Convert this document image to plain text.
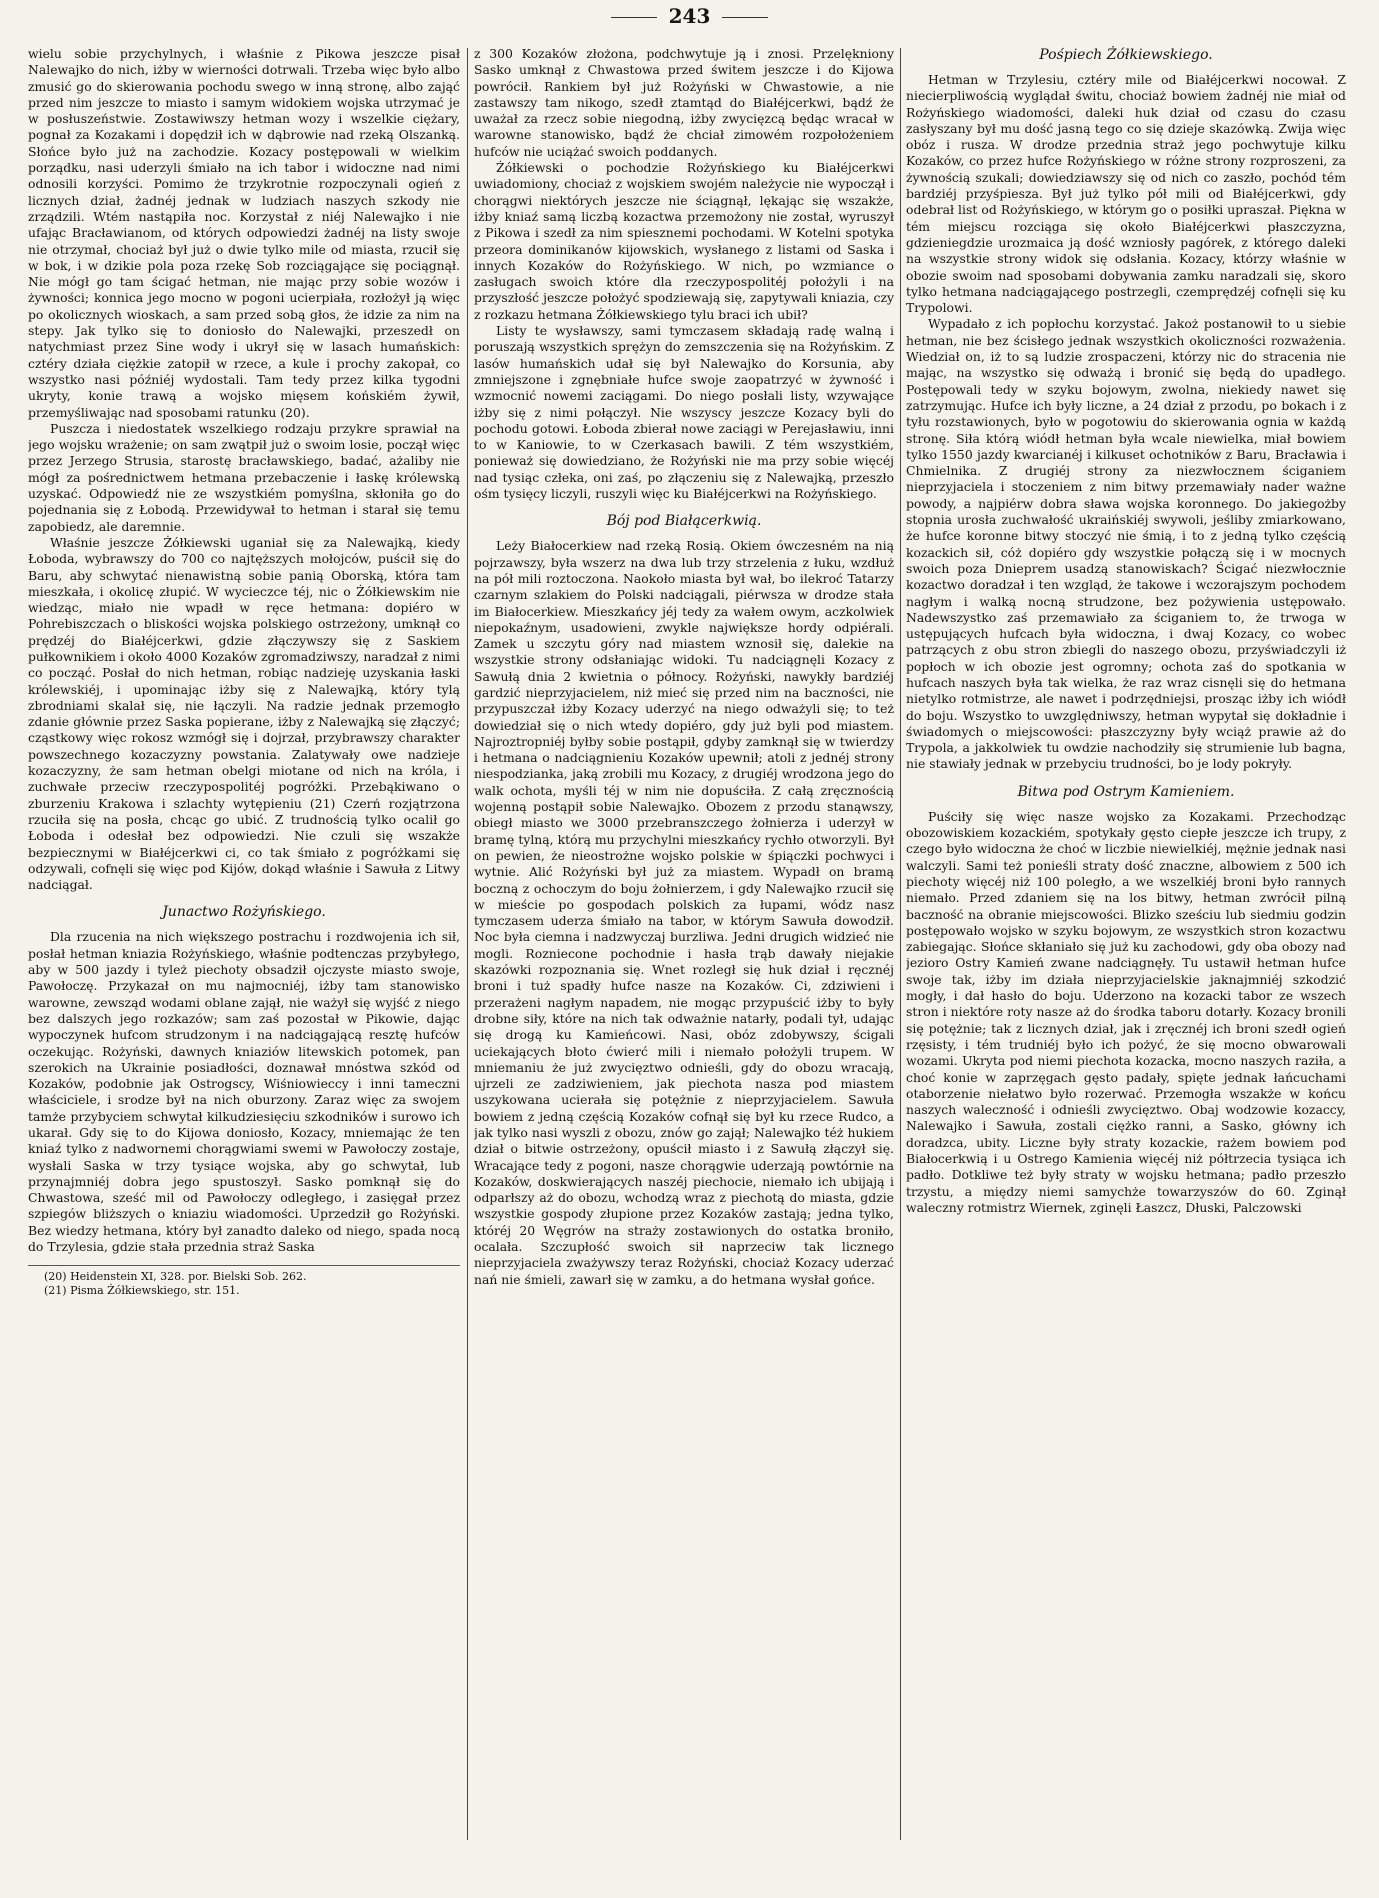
243

wielu sobie przychylnych, i właśnie z Pikowa jeszcze pisał Nalewajko do nich, iżby w wierności dotrwali. Trzeba więc było albo zmusić go do skierowania pochodu swego w inną stronę, albo zająć przed nim jeszcze to miasto i samym widokiem wojska utrzymać je w posłuszeństwie. Zostawiwszy hetman wozy i wszelkie ciężary, pognał za Kozakami i dopędził ich w dąbrowie nad rzeką Olszanką. Słońce było już na zachodzie. Kozacy postępowali w wielkim porządku, nasi uderzyli śmiało na ich tabor i widoczne nad nimi odnosili korzyści. Pomimo że trzykrotnie rozpoczynali ogień z licznych dział, żadnéj jednak w ludziach naszych szkody nie zrządzili. Wtém nastąpiła noc. Korzystał z niéj Nalewajko i nie ufając Bracławianom, od których odpowiedzi żadnéj na listy swoje nie otrzymał, chociaż był już o dwie tylko mile od miasta, rzucił się w bok, i w dzikie pola poza rzekę Sob rozciągające się pociągnął. Nie mógł go tam ścigać hetman, nie mając przy sobie wozów i żywności; konnica jego mocno w pogoni ucierpiała, rozłożył ją więc po okolicznych wioskach, a sam przed sobą głos, że idzie za nim na stepy. Jak tylko się to doniosło do Nalewajki, przeszedł on natychmiast przez Sine wody i ukrył się w lasach humańskich: cztéry działa ciężkie zatopił w rzece, a kule i prochy zakopał, co wszystko nasi późniéj wydostali. Tam tedy przez kilka tygodni ukryty, konie trawą a wojsko mięsem końskiém żywił, przemyśliwając nad sposobami ratunku (20).

Puszcza i niedostatek wszelkiego rodzaju przykre sprawiał na jego wojsku wrażenie; on sam zwątpił już o swoim losie, począł więc przez Jerzego Strusia, starostę bracławskiego, badać, ażaliby nie mógł za pośrednictwem hetmana przebaczenie i łaskę królewską uzyskać. Odpowiedź nie ze wszystkiém pomyślna, skłoniła go do pojednania się z Łobodą. Przewidywał to hetman i starał się temu zapobiedz, ale daremnie.

Właśnie jeszcze Żółkiewski uganiał się za Nalewajką, kiedy Łoboda, wybrawszy do 700 co najtęższych mołojców, puścił się do Baru, aby schwytać nienawistną sobie panią Oborską, która tam mieszkała, i okolicę złupić. W wycieczce téj, nic o Żółkiewskim nie wiedząc, miało nie wpadł w ręce hetmana: dopiéro w Pohrebiszczach o bliskości wojska polskiego ostrzeżony, umknął co prędzéj do Białéjcerkwi, gdzie złączywszy się z Saskiem pułkownikiem i około 4000 Kozaków zgromadziwszy, naradzał z nimi co począć. Posłał do nich hetman, robiąc nadzieję uzyskania łaski królewskiéj, i upominając iżby się z Nalewajką, który tylą zbrodniami skalał się, nie łączyli. Na radzie jednak przemogło zdanie głównie przez Saska popierane, iżby z Nalewajką się złączyć; cząstkowy więc rokosz wzmógł się i dojrzał, przybrawszy charakter powszechnego kozaczyzny powstania. Zalatywały owe nadzieje kozaczyzny, że sam hetman obelgi miotane od nich na króla, i zuchwałe przeciw rzeczypospolitéj pogróżki. Przebąkiwano o zburzeniu Krakowa i szlachty wytępieniu (21) Czerń rozjątrzona rzuciła się na posła, chcąc go ubić. Z trudnością tylko ocalił go Łoboda i odesłał bez odpowiedzi. Nie czuli się wszakże bezpiecznymi w Białéjcerkwi ci, co tak śmiało z pogróżkami się odzywali, cofnęli się więc pod Kijów, dokąd właśnie i Sawuła z Litwy nadciągał.

Junactwo Rożyńskiego.

Dla rzucenia na nich większego postrachu i rozdwojenia ich sił, posłał hetman kniazia Rożyńskiego, właśnie podtenczas przybyłego, aby w 500 jazdy i tyleż piechoty obsadził ojczyste miasto swoje, Pawołoczę. Przykazał on mu najmocniéj, iżby tam stanowisko warowne, zewsząd wodami oblane zajął, nie ważył się wyjść z niego bez dalszych jego rozkazów; sam zaś pozostał w Pikowie, dając wypoczynek hufcom strudzonym i na nadciągającą resztę hufców oczekując. Rożyński, dawnych kniaziów litewskich potomek, pan szerokich na Ukrainie posiadłości, doznawał mnóstwa szkód od Kozaków, podobnie jak Ostrogscy, Wiśniowieccy i inni tameczni właściciele, i srodze był na nich oburzony. Zaraz więc za swojem tamże przybyciem schwytał kilkudziesięciu szkodników i surowo ich ukarał. Gdy się to do Kijowa doniosło, Kozacy, mniemając że ten kniaź tylko z nadwornemi chorągwiami swemi w Pawołoczy zostaje, wysłali Saska w trzy tysiące wojska, aby go schwytał, lub przynajmniéj dobra jego spustoszył. Sasko pomknął się do Chwastowa, sześć mil od Pawołoczy odległego, i zasięgał przez szpiegów bliższych o kniaziu wiadomości. Uprzedził go Rożyński. Bez wiedzy hetmana, który był zanadto daleko od niego, spada nocą do Trzylesia, gdzie stała przednia straż Saska

(20) Heidenstein XI, 328. por. Bielski Sob. 262.
(21) Pisma Żółkiewskiego, str. 151.

z 300 Kozaków złożona, podchwytuje ją i znosi. Przelękniony Sasko umknął z Chwastowa przed świtem jeszcze i do Kijowa powrócił. Rankiem był już Rożyński w Chwastowie, a nie zastawszy tam nikogo, szedł ztamtąd do Białéjcerkwi, bądź że uważał za rzecz sobie niegodną, iżby zwycięzcą będąc wracał w warowne stanowisko, bądź że chciał zimowém rozpołożeniem hufców nie uciążać swoich poddanych.

Żółkiewski o pochodzie Rożyńskiego ku Białéjcerkwi uwiadomiony, chociaż z wojskiem swojém należycie nie wypoczął i chorągwi niektórych jeszcze nie ściągnął, lękając się wszakże, iżby kniaź samą liczbą kozactwa przemożony nie został, wyruszył z Pikowa i szedł za nim spiesznemi pochodami. W Kotelni spotyka przeora dominikanów kijowskich, wysłanego z listami od Saska i innych Kozaków do Rożyńskiego. W nich, po wzmiance o zasługach swoich które dla rzeczypospolitéj położyli i na przyszłość jeszcze położyć spodziewają się, zapytywali kniazia, czy z rozkazu hetmana Żółkiewskiego tylu braci ich ubił?

Listy te wysławszy, sami tymczasem składają radę walną i poruszają wszystkich sprężyn do zemszczenia się na Rożyńskim. Z lasów humańskich udał się był Nalewajko do Korsunia, aby zmniejszone i zgnębniałe hufce swoje zaopatrzyć w żywność i wzmocnić nowemi zaciągami. Do niego posłali listy, wzywające iżby się z nimi połączył. Nie wszyscy jeszcze Kozacy byli do pochodu gotowi. Łoboda zbierał nowe zaciągi w Perejasławiu, inni to w Kaniowie, to w Czerkasach bawili. Z tém wszystkiém, ponieważ się dowiedziano, że Rożyński nie ma przy sobie więcéj nad tysiąc człeka, oni zaś, po złączeniu się z Nalewajką, przeszło ośm tysięcy liczyli, ruszyli więc ku Białéjcerkwi na Rożyńskiego.

Bój pod Białącerkwią.

Leży Białocerkiew nad rzeką Rosią. Okiem ówczesném na nią pojrzawszy, była wszerz na dwa lub trzy strzelenia z łuku, wzdłuż na pół mili roztoczona. Naokoło miasta był wał, bo ilekroć Tatarzy czarnym szlakiem do Polski nadciągali, piérwsza w drodze stała im Białocerkiew. Mieszkańcy jéj tedy za wałem owym, aczkolwiek niepokaźnym, usadowieni, zwykle największe hordy odpiérali. Zamek u szczytu góry nad miastem wznosił się, dalekie na wszystkie strony odsłaniając widoki. Tu nadciągnęli Kozacy z Sawułą dnia 2 kwietnia o północy. Rożyński, nawykły bardziéj gardzić nieprzyjacielem, niż mieć się przed nim na baczności, nie przypuszczał iżby Kozacy uderzyć na niego odważyli się; to też dowiedział się o nich wtedy dopiéro, gdy już byli pod miastem. Najroztropniéj byłby sobie postąpił, gdyby zamknął się w twierdzy i hetmana o nadciągnieniu Kozaków upewnił; atoli z jednéj strony niespodzianka, jaką zrobili mu Kozacy, z drugiéj wrodzona jego do walk ochota, myśli téj w nim nie dopuściła. Z całą zręcznością wojenną postąpił sobie Nalewajko. Obozem z przodu stanąwszy, obiegł miasto we 3000 przebranszczego żołnierza i uderzył w bramę tylną, którą mu przychylni mieszkańcy rychło otworzyli. Był on pewien, że nieostrożne wojsko polskie w śpiączki pochwyci i wytnie. Alić Rożyński był już za miastem. Wypadł on bramą boczną z ochoczym do boju żołnierzem, i gdy Nalewajko rzucił się w mieście po gospodach polskich za łupami, wódz nasz tymczasem uderza śmiało na tabor, w którym Sawuła dowodził. Noc była ciemna i nadzwyczaj burzliwa. Jedni drugich widzieć nie mogli. Rozniecone pochodnie i hasła trąb dawały niejakie skazówki rozpoznania się. Wnet rozległ się huk dział i ręcznéj broni i tuż spadły hufce nasze na Kozaków. Ci, zdziwieni i przerażeni nagłym napadem, nie mogąc przypuścić iżby to były drobne siły, które na nich tak odważnie natarły, podali tył, udając się drogą ku Kamieńcowi. Nasi, obóz zdobywszy, ścigali uciekających błoto ćwierć mili i niemało położyli trupem. W mniemaniu że już zwycięztwo odnieśli, gdy do obozu wracają, ujrzeli ze zadziwieniem, jak piechota nasza pod miastem uszykowana ucierała się potężnie z nieprzyjacielem. Sawuła bowiem z jedną częścią Kozaków cofnął się był ku rzece Rudco, a jak tylko nasi wyszli z obozu, znów go zajął; Nalewajko téż hukiem dział o bitwie ostrzeżony, opuścił miasto i z Sawułą złączył się. Wracające tedy z pogoni, nasze chorągwie uderzają powtórnie na Kozaków, doskwierających naszéj piechocie, niemało ich ubijają i odparłszy aż do obozu, wchodzą wraz z piechotą do miasta, gdzie wszystkie gospody złupione przez Kozaków zastają; jedna tylko, któréj 20 Węgrów na straży zostawionych do ostatka broniło, ocalała. Szczupłość swoich sił naprzeciw tak licznego nieprzyjaciela zważywszy teraz Rożyński, chociaż Kozacy uderzać nań nie śmieli, zawarł się w zamku, a do hetmana wysłał gońce.

Pośpiech Żółkiewskiego.

Hetman w Trzylesiu, cztéry mile od Białéjcerkwi nocował. Z niecierpliwością wyglądał świtu, chociaż bowiem żadnéj nie miał od Rożyńskiego wiadomości, daleki huk dział od czasu do czasu zasłyszany był mu dość jasną tego co się dzieje skazówką. Zwija więc obóz i rusza. W drodze przednia straż jego pochwytuje kilku Kozaków, co przez hufce Rożyńskiego w różne strony rozproszeni, za żywnością szukali; dowiedziawszy się od nich co zaszło, pochód tém bardziéj przyśpiesza. Był już tylko pół mili od Białéjcerkwi, gdy odebrał list od Rożyńskiego, w którym go o posiłki upraszał. Piękna w tém miejscu rozciąga się około Białéjcerkwi płaszczyzna, gdzieniegdzie urozmaica ją dość wzniosły pagórek, z którego daleki na wszystkie strony widok się odsłania. Kozacy, którzy właśnie w obozie swoim nad sposobami dobywania zamku naradzali się, skoro tylko hetmana nadciągającego postrzegli, czemprędzéj cofnęli się ku Trypolowi.

Wypadało z ich popłochu korzystać. Jakoż postanowił to u siebie hetman, nie bez ścisłego jednak wszystkich okoliczności rozważenia. Wiedział on, iż to są ludzie zrospaczeni, którzy nic do stracenia nie mając, na wszystko się odważą i bronić się będą do upadłego. Postępowali tedy w szyku bojowym, zwolna, niekiedy nawet się zatrzymując. Hufce ich były liczne, a 24 dział z przodu, po bokach i z tyłu rozstawionych, było w pogotowiu do skierowania ognia w każdą stronę. Siła którą wiódł hetman była wcale niewielka, miał bowiem tylko 1550 jazdy kwarcianéj i kilkuset ochotników z Baru, Bracławia i Chmielnika. Z drugiéj strony za niezwłocznem ściganiem nieprzyjaciela i stoczeniem z nim bitwy przemawiały nader ważne powody, a najpiérw dobra sława wojska koronnego. Do jakiegożby stopnia urosła zuchwałość ukraińskiéj swywoli, jeśliby zmiarkowano, że hufce koronne bitwy stoczyć nie śmią, i to z jedną tylko częścią kozackich sił, cóż dopiéro gdy wszystkie połączą się i w mocnych swoich poza Dnieprem usadzą stanowiskach? Ścigać niezwłocznie kozactwo doradzał i ten wzgląd, że takowe i wczorajszym pochodem nagłym i walką nocną strudzone, bez pożywienia ustępowało. Nadewszystko zaś przemawiało za ściganiem to, że trwoga w ustępujących hufcach była widoczna, i dwaj Kozacy, co wobec patrzących z obu stron zbiegli do naszego obozu, przyświadczyli iż popłoch w ich obozie jest ogromny; ochota zaś do spotkania w hufcach naszych była tak wielka, że raz wraz cisnęli się do hetmana nietylko rotmistrze, ale nawet i podrzędniejsi, prosząc iżby ich wiódł do boju. Wszystko to uwzględniwszy, hetman wypytał się dokładnie i świadomych o miejscowości: płaszczyzny były wciąż prawie aż do Trypola, a jakkolwiek tu owdzie nachodziły się strumienie lub bagna, nie stawiały jednak w przebyciu trudności, bo je lody pokryły.

Bitwa pod Ostrym Kamieniem.

Puściły się więc nasze wojsko za Kozakami. Przechodząc obozowiskiem kozackiém, spotykały gęsto ciepłe jeszcze ich trupy, z czego było widoczna że choć w liczbie niewielkiéj, mężnie jednak nasi walczyli. Sami też ponieśli straty dość znaczne, albowiem z 500 ich piechoty więcéj niż 100 poległo, a we wszelkiéj broni było rannych niemało. Przed zdaniem się na los bitwy, hetman zwrócił pilną baczność na obranie miejscowości. Blizko sześciu lub siedmiu godzin postępowało wojsko w szyku bojowym, ze wszystkich stron kozactwu zabiegając. Słońce skłaniało się już ku zachodowi, gdy oba obozy nad jezioro Ostry Kamień zwane nadciągnęły. Tu ustawił hetman hufce swoje tak, iżby im działa nieprzyjacielskie jaknajmniéj szkodzić mogły, i dał hasło do boju. Uderzono na kozacki tabor ze wszech stron i niektóre roty nasze aż do środka taboru dotarły. Kozacy bronili się potężnie; tak z licznych dział, jak i zręcznéj ich broni szedł ogień rzęsisty, i tém trudniéj było ich pożyć, że się mocno obwarowali wozami. Ukryta pod niemi piechota kozacka, mocno naszych raziła, a choć konie w zaprzęgach gęsto padały, spięte jednak łańcuchami otaborzenie niełatwo było rozerwać. Przemogła wszakże w końcu naszych waleczność i odnieśli zwycięztwo. Obaj wodzowie kozaccy, Nalewajko i Sawuła, zostali ciężko ranni, a Sasko, główny ich doradzca, ubity. Liczne były straty kozackie, rażem bowiem pod Białocerkwią i u Ostrego Kamienia więcéj niż półtrzecia tysiąca ich padło. Dotkliwe też były straty w wojsku hetmana; padło przeszło trzystu, a między niemi samychże towarzyszów do 60. Zginął waleczny rotmistrz Wiernek, zginęli Łaszcz, Dłuski, Palczowski
